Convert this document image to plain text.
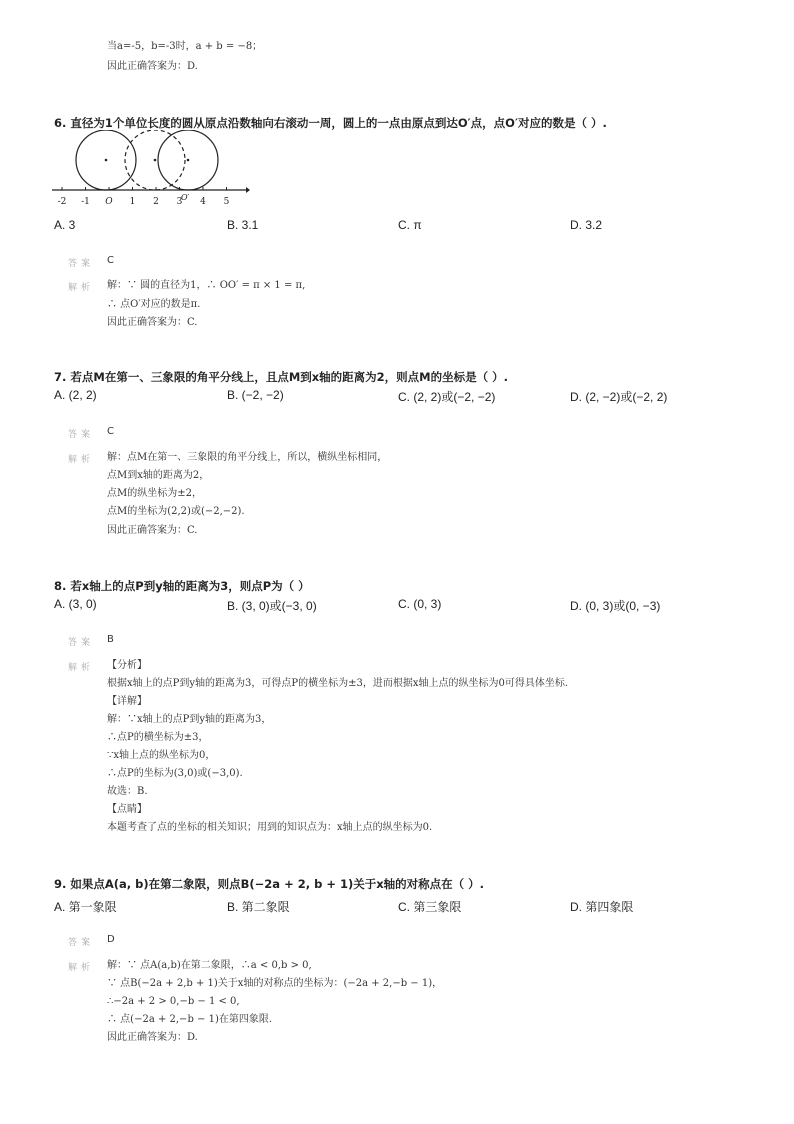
当a=-5，b=-3时，a + b = −8；
因此正确答案为：D.
6. 直径为1个单位长度的圆从原点沿数轴向右滚动一周，圆上的一点由原点到达O′点，点O′对应的数是（ ）.
-2 -1 O 1 2 3 4 5
O′
A. 3	B. 3.1	C. π	D. 3.2
答案 C
解析 解：∵ 圆的直径为1，∴ OO′ = π × 1 = π,
∴ 点O′对应的数是π.
因此正确答案为：C.
7. 若点M在第一、三象限的角平分线上，且点M到x轴的距离为2，则点M的坐标是（ ）.
A. (2, 2)	B. (−2, −2)	C. (2, 2)或(−2, −2)	D. (2, −2)或(−2, 2)
答案 C
解析 解：点M在第一、三象限的角平分线上，所以，横纵坐标相同，
点M到x轴的距离为2，
点M的纵坐标为±2，
点M的坐标为(2,2)或(−2,−2).
因此正确答案为：C.
8. 若x轴上的点P到y轴的距离为3，则点P为（ ）
A. (3, 0)	B. (3, 0)或(−3, 0)	C. (0, 3)	D. (0, 3)或(0, −3)
答案 B
解析 【分析】
根据x轴上的点P到y轴的距离为3，可得点P的横坐标为±3，进而根据x轴上点的纵坐标为0可得具体坐标.
【详解】
解：∵x轴上的点P到y轴的距离为3，
∴点P的横坐标为±3，
∵x轴上点的纵坐标为0，
∴点P的坐标为(3,0)或(−3,0).
故选：B.
【点睛】
本题考查了点的坐标的相关知识；用到的知识点为：x轴上点的纵坐标为0.
9. 如果点A(a, b)在第二象限，则点B(−2a + 2, b + 1)关于x轴的对称点在（ ）.
A. 第一象限	B. 第二象限	C. 第三象限	D. 第四象限
答案 D
解析 解：∵ 点A(a,b)在第二象限，∴a < 0,b > 0,
∵ 点B(−2a + 2,b + 1)关于x轴的对称点的坐标为：(−2a + 2,−b − 1)，
∴−2a + 2 > 0,−b − 1 < 0,
∴ 点(−2a + 2,−b − 1)在第四象限.
因此正确答案为：D.
